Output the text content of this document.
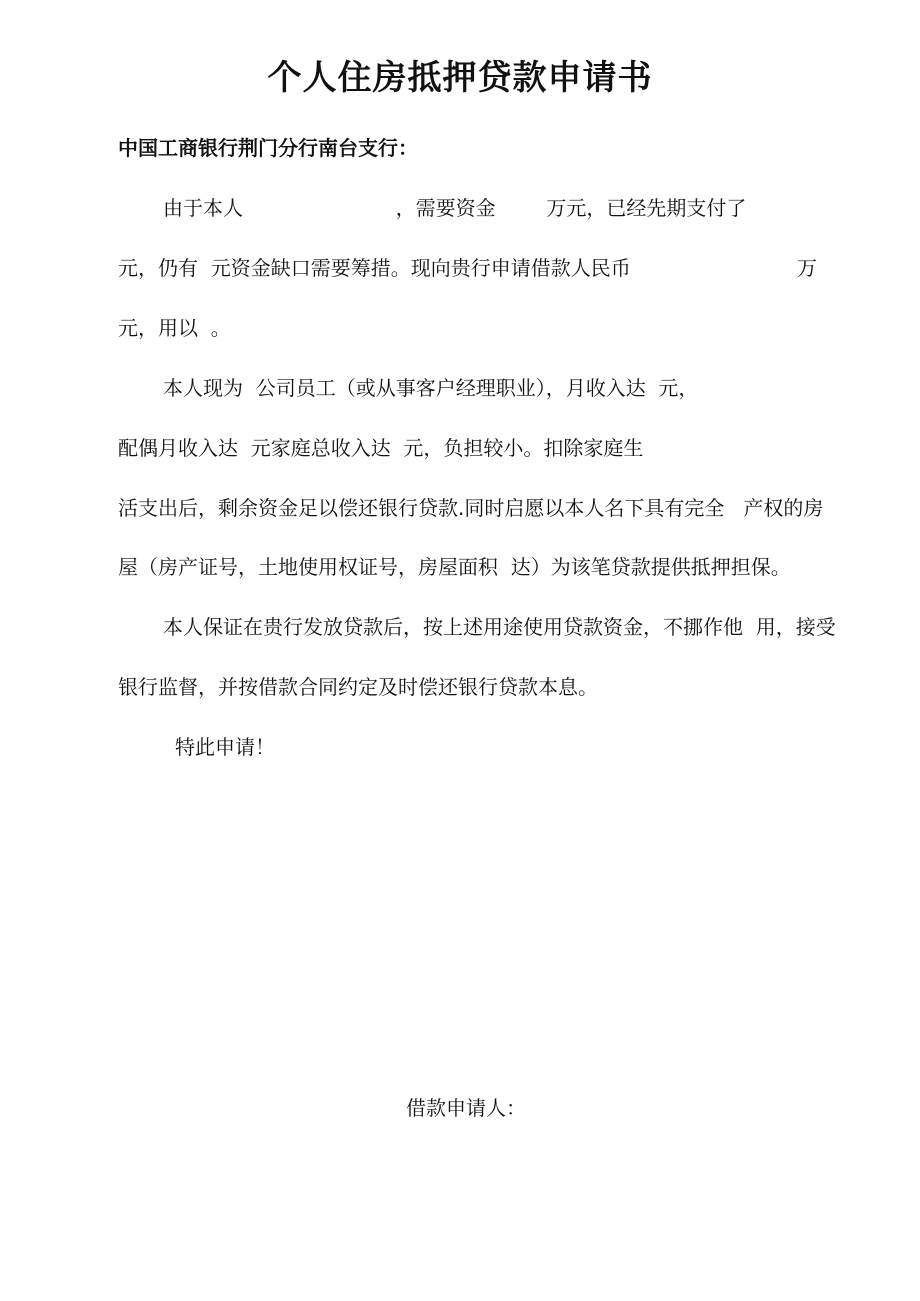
个人住房抵押贷款申请书

中国工商银行荆门分行南台支行：

由于本人                        ，需要资金        万元，已经先期支付了

元，仍有  元资金缺口需要筹措。现向贵行申请借款人民币	万

元，用以  。

本人现为  公司员工（或从事客户经理职业），月收入达  元，

配偶月收入达  元家庭总收入达  元，负担较小。扣除家庭生

活支出后，剩余资金足以偿还银行贷款.同时启愿以本人名下具有完全   产权的房

屋（房产证号，土地使用权证号，房屋面积  达）为该笔贷款提供抵押担保。

本人保证在贵行发放贷款后，按上述用途使用贷款资金，不挪作他  用，接受

银行监督，并按借款合同约定及时偿还银行贷款本息。

特此申请！

借款申请人：
